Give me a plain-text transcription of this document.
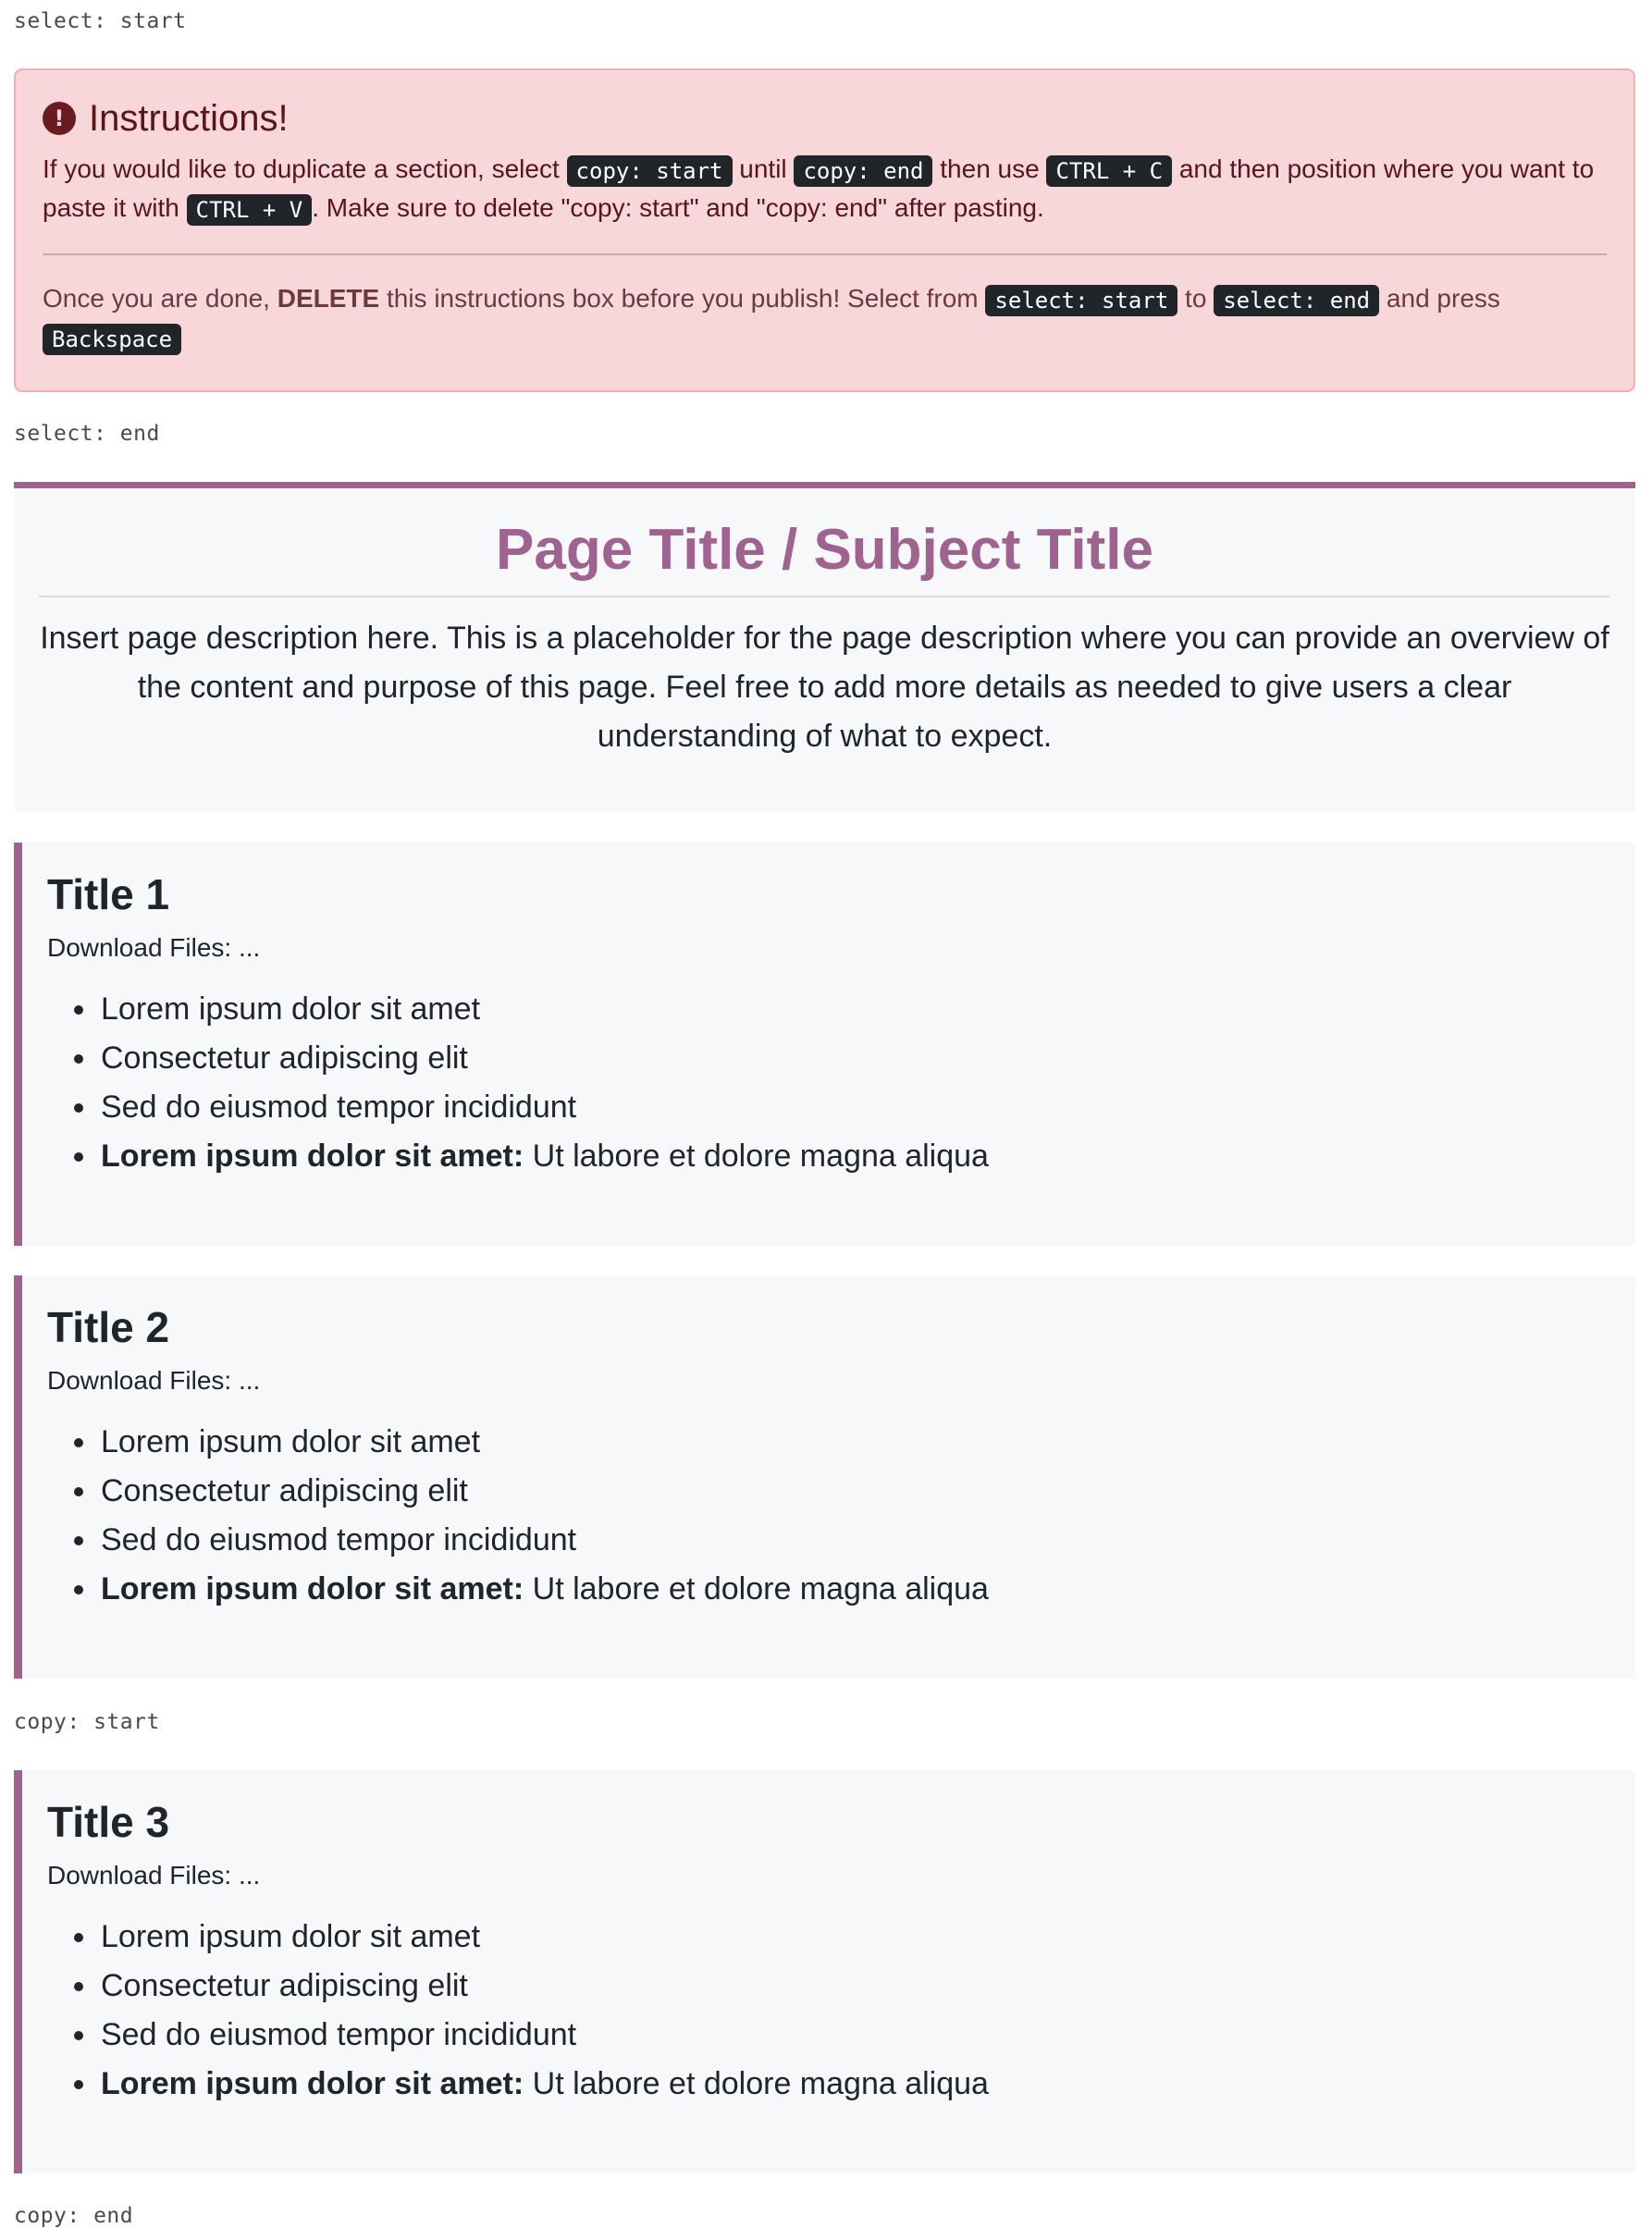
select: start
! Instructions!

If you would like to duplicate a section, select copy: start until copy: end then use CTRL + C and then position where you want to paste it with CTRL + V . Make sure to delete "copy: start" and "copy: end" after pasting.

Once you are done, DELETE this instructions box before you publish! Select from select: start to select: end and press Backspace

select: end
Page Title / Subject Title

Insert page description here. This is a placeholder for the page description where you can provide an overview of the content and purpose of this page. Feel free to add more details as needed to give users a clear understanding of what to expect.

Title 1

Download Files: ...

• Lorem ipsum dolor sit amet
• Consectetur adipiscing elit
• Sed do eiusmod tempor incididunt
• Lorem ipsum dolor sit amet: Ut labore et dolore magna aliqua
Title 2

Download Files: ...

• Lorem ipsum dolor sit amet
• Consectetur adipiscing elit
• Sed do eiusmod tempor incididunt
• Lorem ipsum dolor sit amet: Ut labore et dolore magna aliqua
copy: start
Title 3

Download Files: ...

• Lorem ipsum dolor sit amet
• Consectetur adipiscing elit
• Sed do eiusmod tempor incididunt
• Lorem ipsum dolor sit amet: Ut labore et dolore magna aliqua
copy: end
